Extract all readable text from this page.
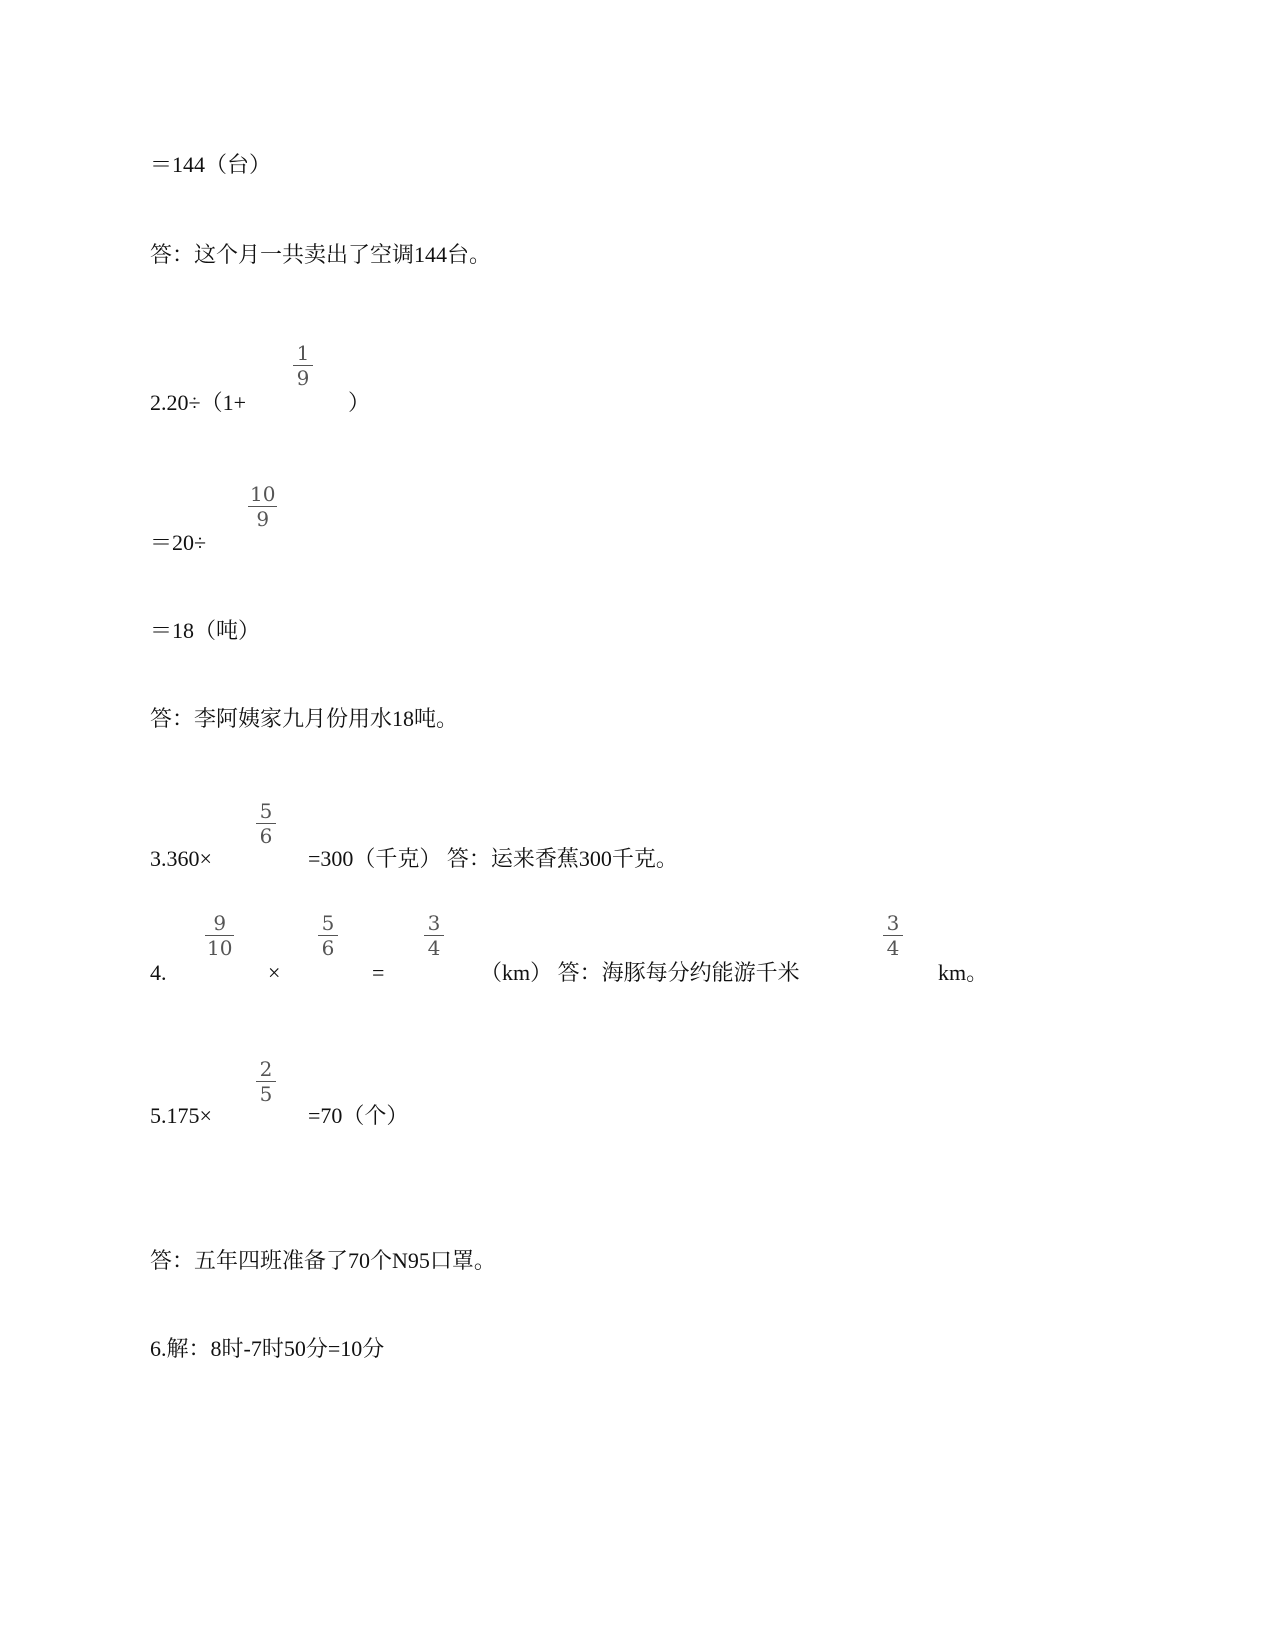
＝144（台）
答：这个月一共卖出了空调144台。
2.20÷（1+
1
9
）
＝20÷
10
9
＝18（吨）
答：李阿姨家九月份用水18吨。
3.360×
5
6
=300（千克） 答：运来香蕉300千克。
4.
9
10
×
5
6
=
3
4
（km） 答：海豚每分约能游千米
3
4
km。
5.175×
2
5
=70（个）
答：五年四班准备了70个N95口罩。
6.解：8时-7时50分=10分
